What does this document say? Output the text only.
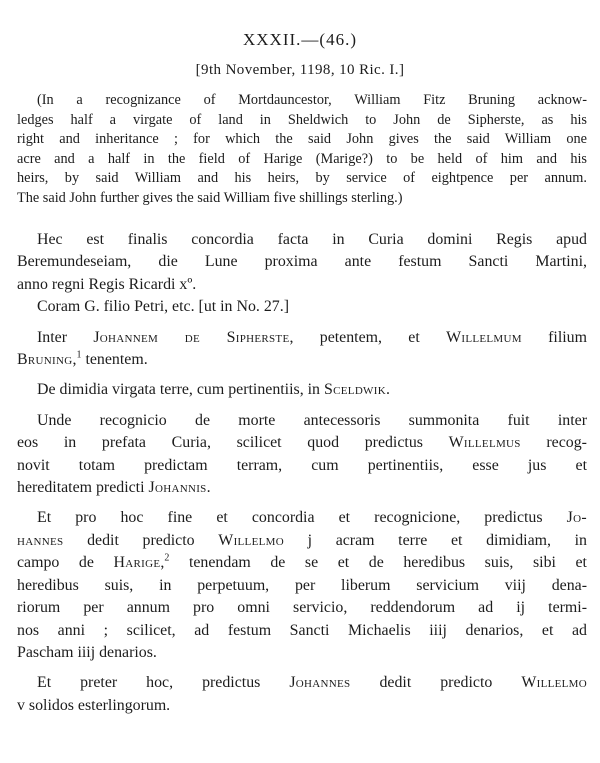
XXXII.—(46.)
[9th November, 1198, 10 Ric. I.]
(In a recognizance of Mortdauncestor, William Fitz Bruning acknow-
ledges half a virgate of land in Sheldwich to John de Sipherste, as his
right and inheritance ; for which the said John gives the said William one
acre and a half in the field of Harige (Marige?) to be held of him and his
heirs, by said William and his heirs, by service of eightpence per annum.
The said John further gives the said William five shillings sterling.)

Hec est finalis concordia facta in Curia domini Regis apud
Beremundeseiam, die Lune proxima ante festum Sancti Martini,
anno regni Regis Ricardi xº.

Coram G. filio Petri, etc. [ut in No. 27.]

Inter Johannem de Sipherste, petentem, et Willelmum filium
Bruning,$^1$ tenentem.

De dimidia virgata terre, cum pertinentiis, in Sceldwik.

Unde recognicio de morte antecessoris summonita fuit inter
eos in prefata Curia, scilicet quod predictus Willelmus recog-
novit totam predictam terram, cum pertinentiis, esse jus et
hereditatem predicti Johannis.

Et pro hoc fine et concordia et recognicione, predictus Jo-
hannes dedit predicto Willelmo j acram terre et dimidiam, in
campo de Harige,$^2$ tenendam de se et de heredibus suis, sibi et
heredibus suis, in perpetuum, per liberum servicium viij dena-
riorum per annum pro omni servicio, reddendorum ad ij termi-
nos anni ; scilicet, ad festum Sancti Michaelis iiij denarios, et ad
Pascham iiij denarios.

Et preter hoc, predictus Johannes dedit predicto Willelmo
v solidos esterlingorum.
